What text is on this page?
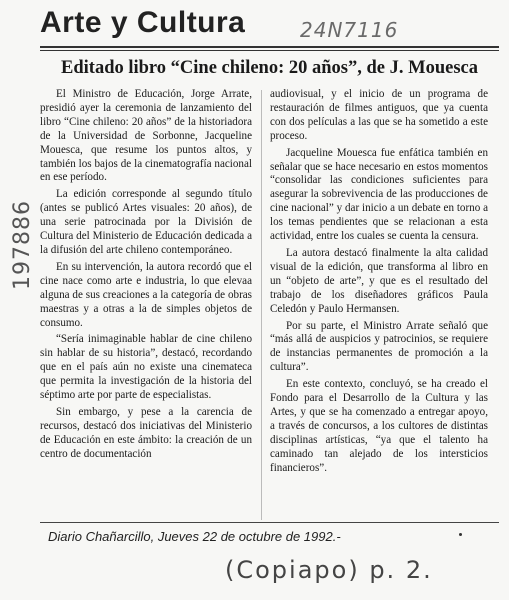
Arte y Cultura	24N7116
197886
Editado libro “Cine chileno: 20 años”, de J. Mouesca

El Ministro de Educación, Jorge Arrate, presidió ayer la ceremonia de lanzamiento del libro “Cine chileno: 20 años” de la historiadora de la Universidad de Sorbonne, Jacqueline Mouesca, que resume los puntos altos, y también los bajos de la cinematografía nacional en ese período.

La edición corresponde al segundo título (antes se publicó Artes visuales: 20 años), de una serie patrocinada por la División de Cultura del Ministerio de Educación dedicada a la difusión del arte chileno contemporáneo.

En su intervención, la autora recordó que el cine nace como arte e industria, lo que elevaa alguna de sus creaciones a la categoría de obras maestras y a otras a la de simples objetos de consumo.

“Sería inimaginable hablar de cine chileno sin hablar de su historia”, destacó, recordando que en el país aún no existe una cinemateca que permita la investigación de la historia del séptimo arte por parte de especialistas.

Sin embargo, y pese a la carencia de recursos, destacó dos iniciativas del Ministerio de Educación en este ámbito: la creación de un centro de documentación

audiovisual, y el inicio de un programa de restauración de filmes antiguos, que ya cuenta con dos películas a las que se ha sometido a este proceso.

Jacqueline Mouesca fue enfática también en señalar que se hace necesario en estos momentos “consolidar las condiciones suficientes para asegurar la sobrevivencia de las producciones de cine nacional” y dar inicio a un debate en torno a los temas pendientes que se relacionan a esta actividad, entre los cuales se cuenta la censura.

La autora destacó finalmente la alta calidad visual de la edición, que transforma al libro en un “objeto de arte”, y que es el resultado del trabajo de los diseñadores gráficos Paula Celedón y Paulo Hermansen.

Por su parte, el Ministro Arrate señaló que “más allá de auspicios y patrocinios, se requiere de instancias permanentes de promoción a la cultura”.

En este contexto, concluyó, se ha creado el Fondo para el Desarrollo de la Cultura y las Artes, y que se ha comenzado a entregar apoyo, a través de concursos, a los cultores de distintas disciplinas artísticas, “ya que el talento ha caminado tan alejado de los intersticios financieros”.

Diario Chañarcillo, Jueves 22 de octubre de 1992.-
(Copiapo) p. 2.
